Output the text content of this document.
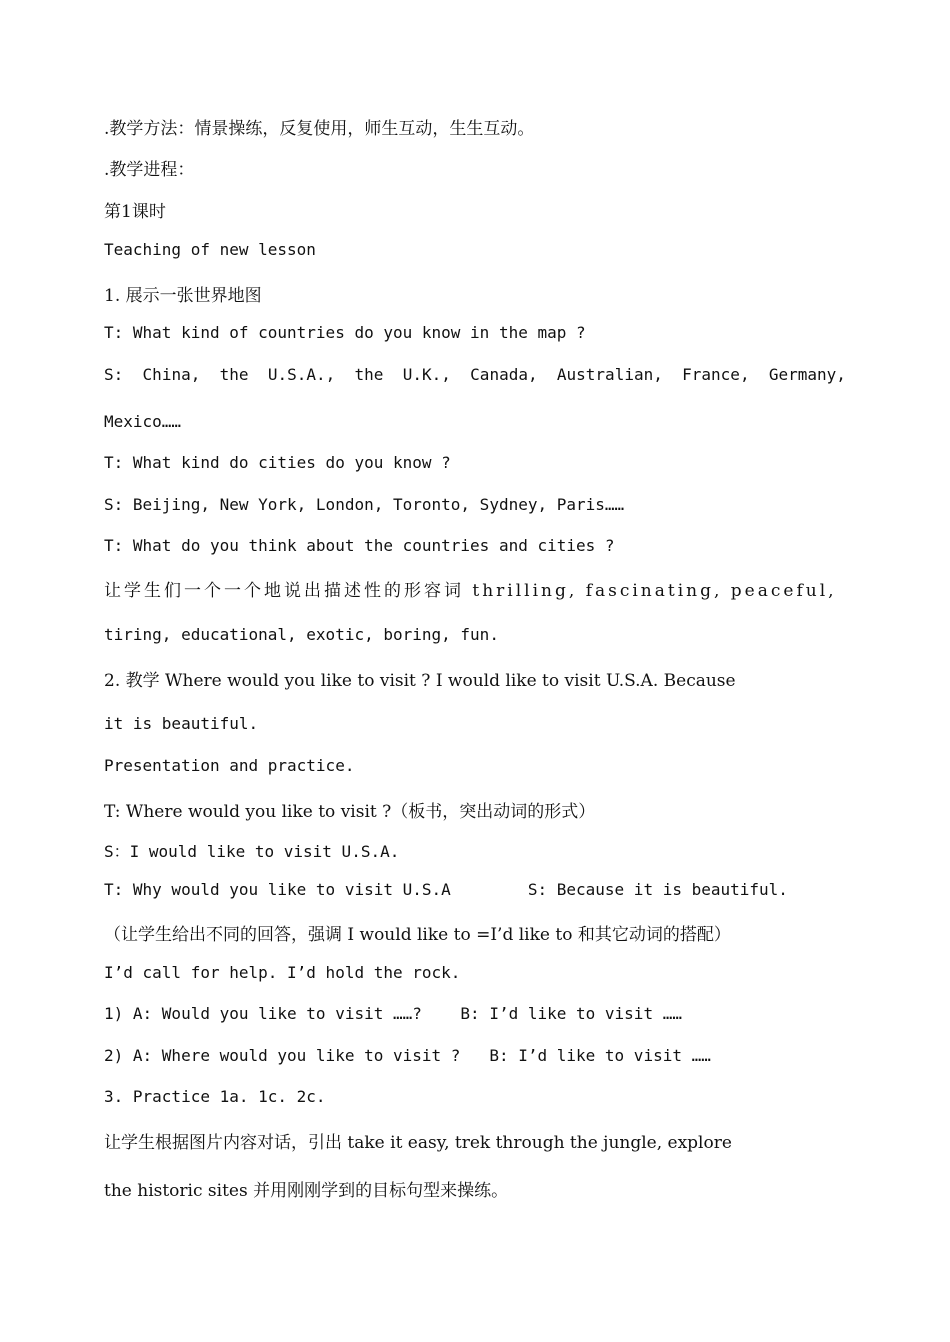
.教学方法：情景操练，反复使用，师生互动，生生互动。
.教学进程：
第1课时
Teaching of new lesson
1. 展示一张世界地图
T: What kind of countries do you know in the map ?
S: China, the U.S.A., the U.K., Canada, Australian, France, Germany,
Mexico……
T: What kind do cities do you know ?
S: Beijing, New York, London, Toronto, Sydney, Paris……
T: What do you think about the countries and cities ?
让学生们一个一个地说出描述性的形容词 thrilling, fascinating, peaceful,
tiring, educational, exotic, boring, fun.
2. 教学 Where would you like to visit ? I would like to visit U.S.A. Because
it is beautiful.
Presentation and practice.
T: Where would you like to visit ?（板书，突出动词的形式）
S：I would like to visit U.S.A.
T: Why would you like to visit U.S.A        S: Because it is beautiful.
（让学生给出不同的回答，强调 I would like to =I’d like to 和其它动词的搭配）
I’d call for help. I’d hold the rock.
1) A: Would you like to visit ……?    B: I’d like to visit ……
2) A: Where would you like to visit ?   B: I’d like to visit ……
3. Practice 1a. 1c. 2c.
让学生根据图片内容对话，引出 take it easy, trek through the jungle, explore
the historic sites 并用刚刚学到的目标句型来操练。
